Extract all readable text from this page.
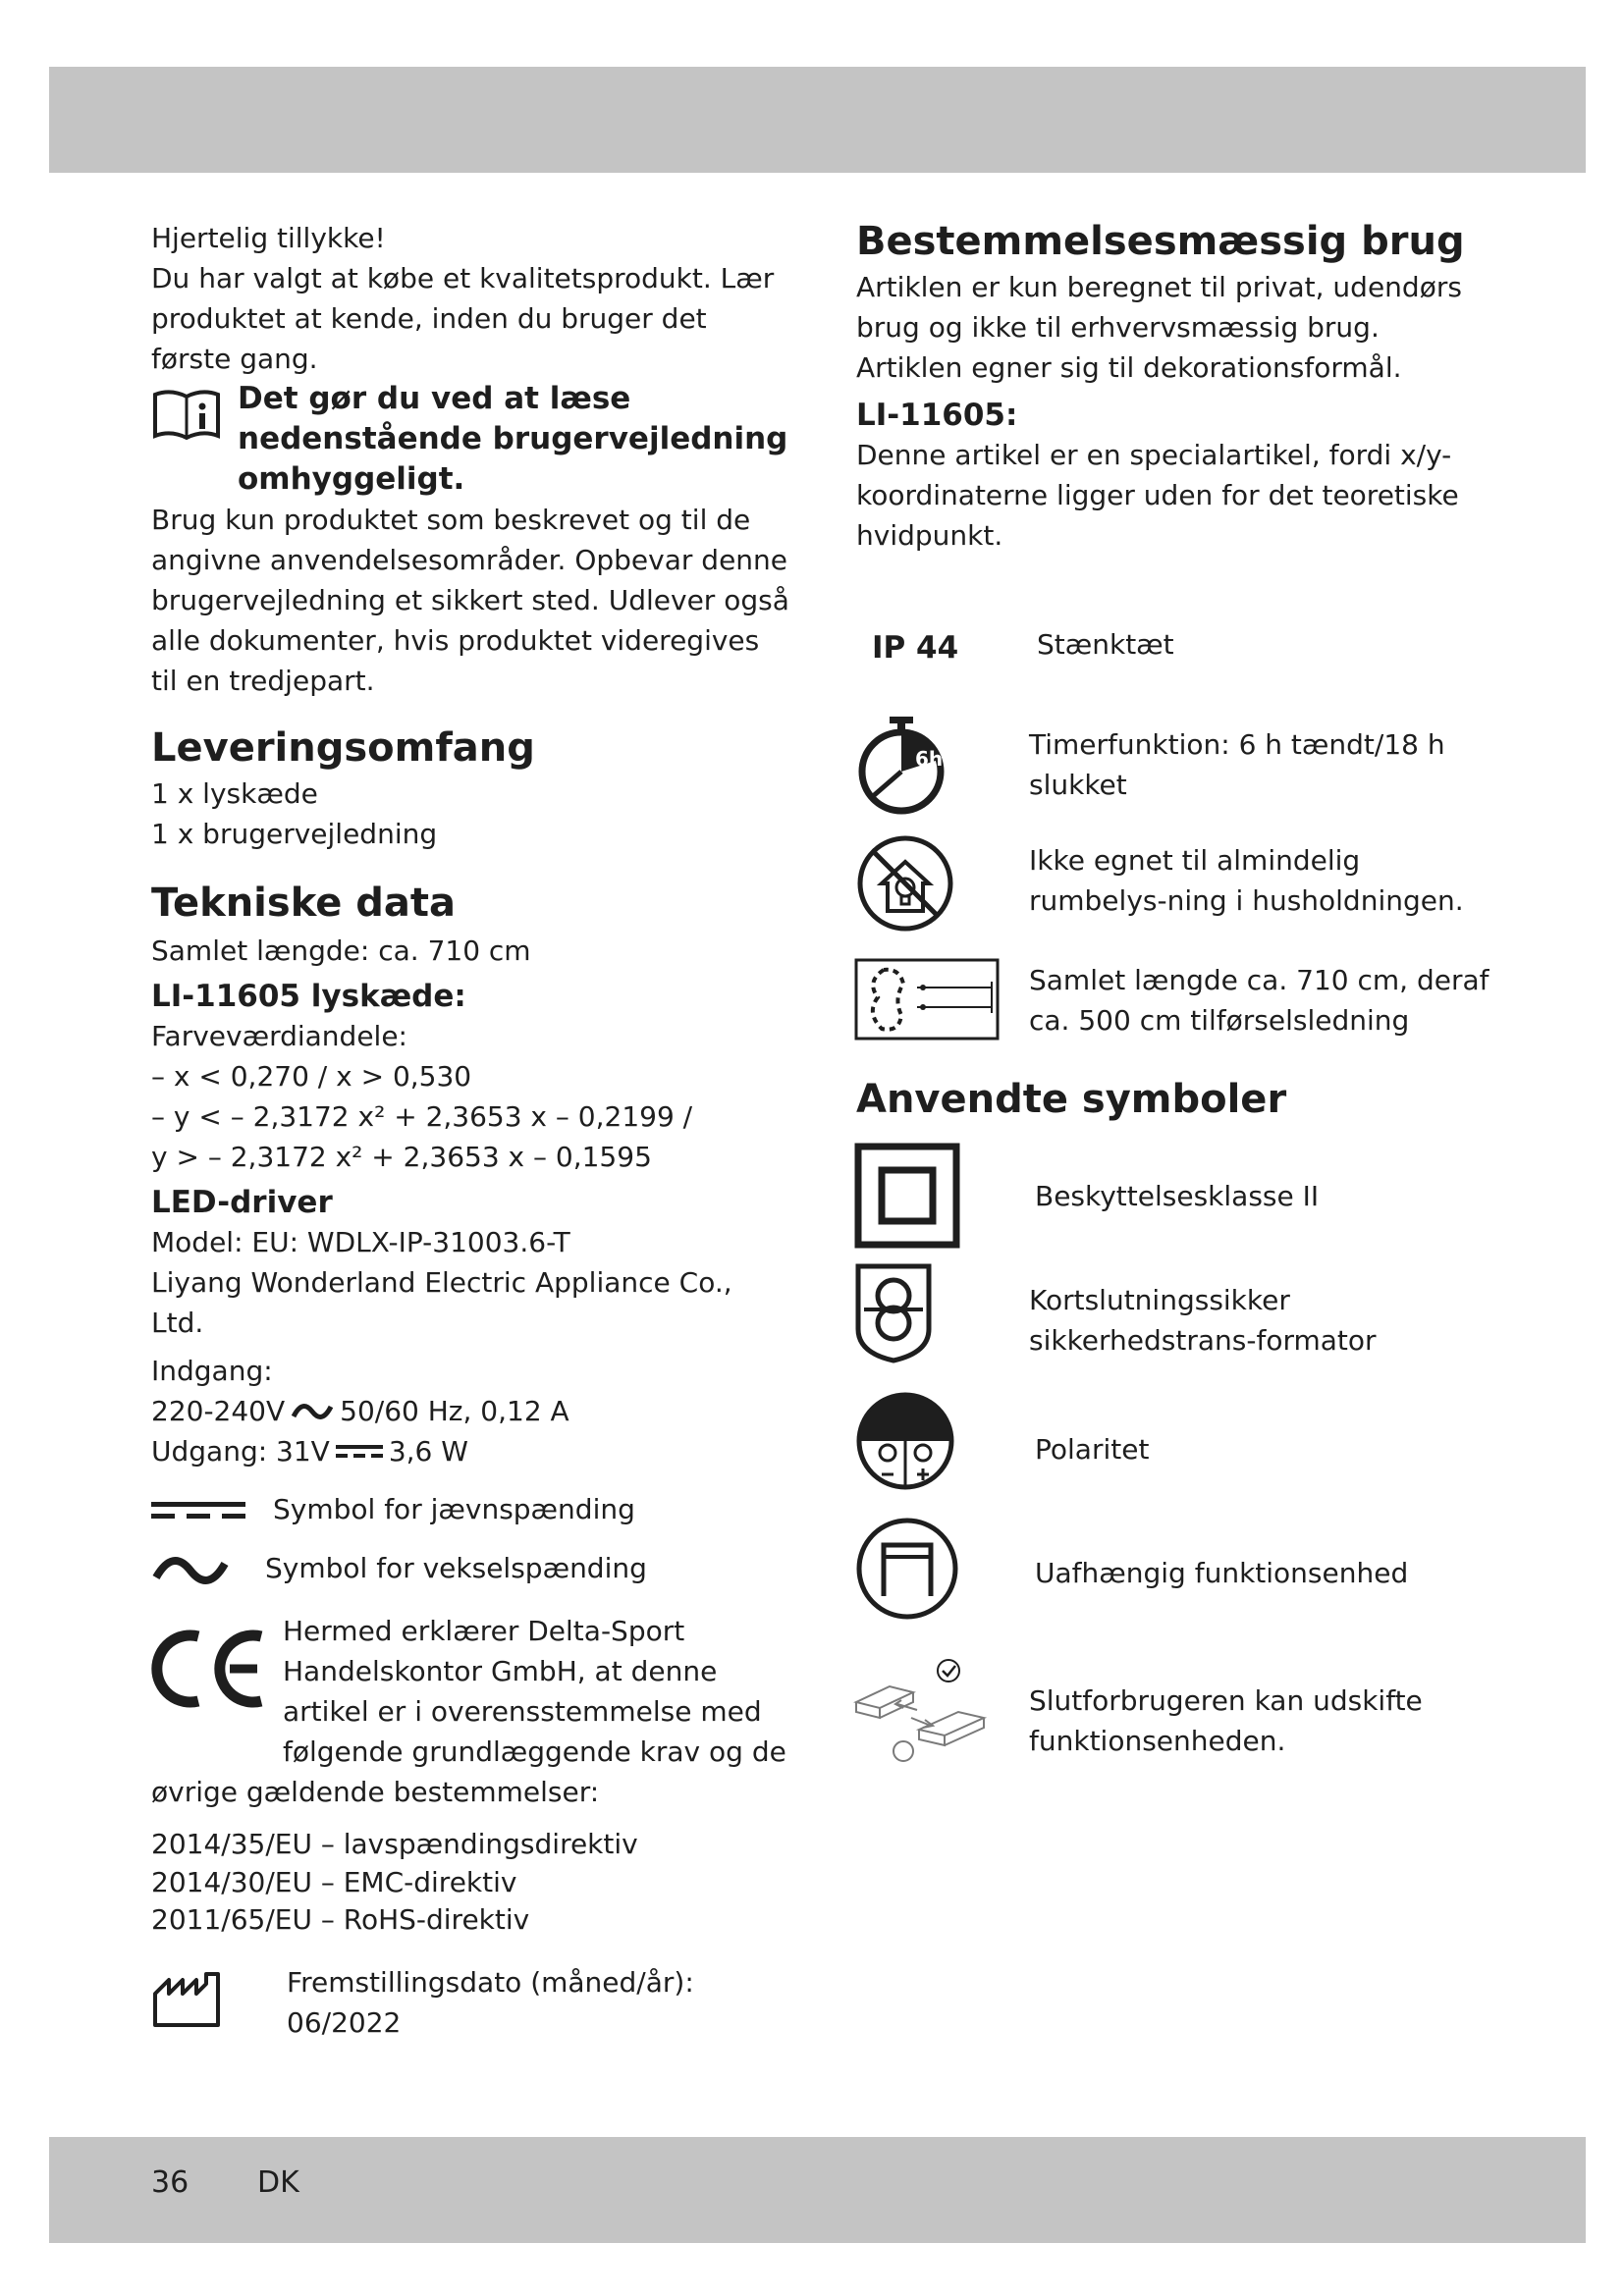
Hjertelig tillykke!

Du har valgt at købe et kvalitetsprodukt. Lær produktet at kende, inden du bruger det første gang.

Det gør du ved at læse nedenstående brugervejledning omhyggeligt.

Brug kun produktet som beskrevet og til de angivne anvendelsesområder. Opbevar denne brugervejledning et sikkert sted. Udlever også alle dokumenter, hvis produktet videregives til en tredjepart.

Leveringsomfang

1 x lyskæde

1 x brugervejledning

Tekniske data

Samlet længde: ca. 710 cm

LI-11605 lyskæde:

Farveværdiandele:

– x < 0,270 / x > 0,530

– y < – 2,3172 x² + 2,3653 x – 0,2199 /

y > – 2,3172 x² + 2,3653 x – 0,1595

LED-driver

Model: EU: WDLX-IP-31003.6-T

Liyang Wonderland Electric Appliance Co., Ltd.

Indgang:

220-240V 50/60 Hz, 0,12 A

Udgang: 31V 3,6 W

Symbol for jævnspænding

Symbol for vekselspænding

Hermed erklærer Delta-Sport Handelskontor GmbH, at denne artikel er i overensstemmelse med følgende grundlæggende krav og de øvrige gældende bestemmelser:

2014/35/EU – lavspændingsdirektiv

2014/30/EU – EMC-direktiv

2011/65/EU – RoHS-direktiv

Fremstillingsdato (måned/år):

06/2022

Bestemmelsesmæssig brug

Artiklen er kun beregnet til privat, udendørs brug og ikke til erhvervsmæssig brug. Artiklen egner sig til dekorationsformål.

LI-11605:

Denne artikel er en specialartikel, fordi x/y-koordinaterne ligger uden for det teoretiske hvidpunkt.

IP 44	Stænktæt

6h	Timerfunktion: 6 h tændt/18 h slukket

Ikke egnet til almindelig rumbelys-ning i husholdningen.

Samlet længde ca. 710 cm, deraf ca. 500 cm tilførselsledning

Anvendte symboler

Beskyttelsesklasse II

Kortslutningssikker sikkerhedstrans-formator

Polaritet

Uafhængig funktionsenhed

Slutforbrugeren kan udskifte funktionsenheden.

36 DK
